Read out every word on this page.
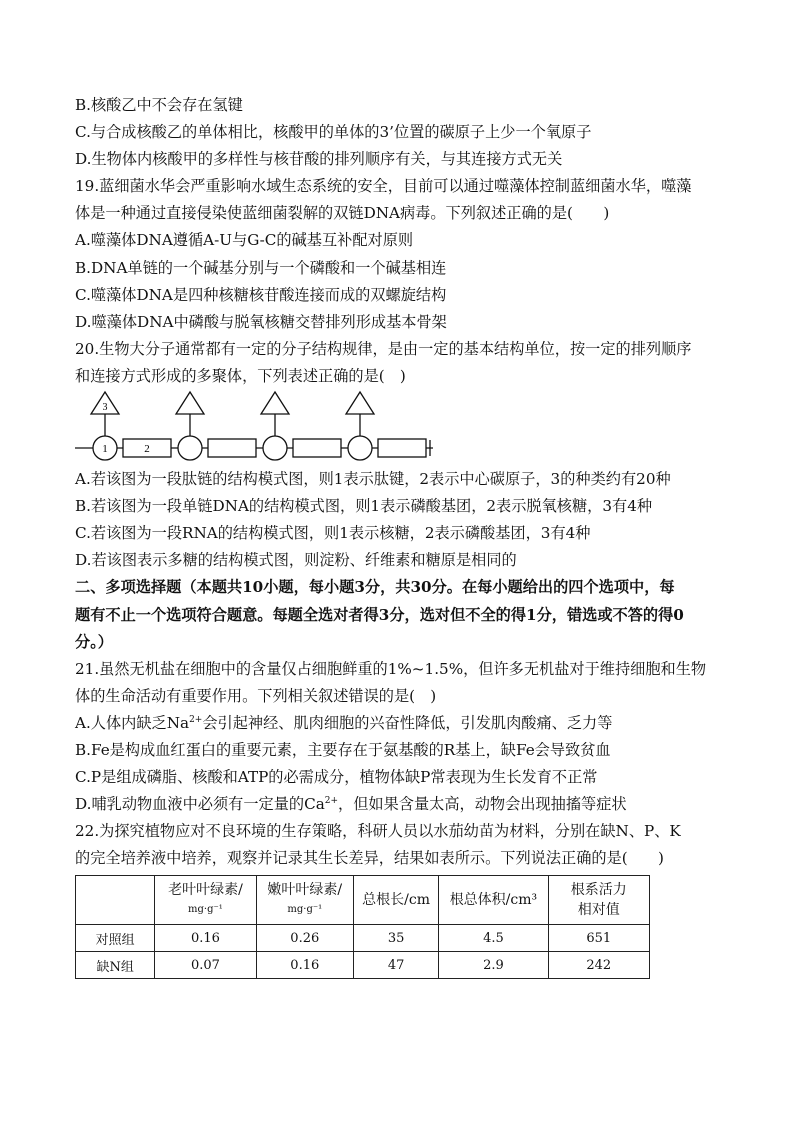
B.核酸乙中不会存在氢键
C.与合成核酸乙的单体相比，核酸甲的单体的3’位置的碳原子上少一个氧原子
D.生物体内核酸甲的多样性与核苷酸的排列顺序有关，与其连接方式无关
19.蓝细菌水华会严重影响水域生态系统的安全，目前可以通过噬藻体控制蓝细菌水华，噬藻
体是一种通过直接侵染使蓝细菌裂解的双链DNA病毒。下列叙述正确的是(　　)
A.噬藻体DNA遵循A-U与G-C的碱基互补配对原则
B.DNA单链的一个碱基分别与一个磷酸和一个碱基相连
C.噬藻体DNA是四种核糖核苷酸连接而成的双螺旋结构
D.噬藻体DNA中磷酸与脱氧核糖交替排列形成基本骨架
20.生物大分子通常都有一定的分子结构规律，是由一定的基本结构单位，按一定的排列顺序
和连接方式形成的多聚体，下列表述正确的是(　)
3
1	2
A.若该图为一段肽链的结构模式图，则1表示肽键，2表示中心碳原子，3的种类约有20种
B.若该图为一段单链DNA的结构模式图，则1表示磷酸基团，2表示脱氧核糖，3有4种
C.若该图为一段RNA的结构模式图，则1表示核糖，2表示磷酸基团，3有4种
D.若该图表示多糖的结构模式图，则淀粉、纤维素和糖原是相同的
二、多项选择题（本题共10小题，每小题3分，共30分。在每小题给出的四个选项中，每
题有不止一个选项符合题意。每题全选对者得3分，选对但不全的得1分，错选或不答的得0
分。）
21.虽然无机盐在细胞中的含量仅占细胞鲜重的1%~1.5%，但许多无机盐对于维持细胞和生物
体的生命活动有重要作用。下列相关叙述错误的是(　)
A.人体内缺乏$Na^{2+}$会引起神经、肌肉细胞的兴奋性降低，引发肌肉酸痛、乏力等
B.Fe是构成血红蛋白的重要元素，主要存在于氨基酸的R基上，缺Fe会导致贫血
C.P是组成磷脂、核酸和ATP的必需成分，植物体缺P常表现为生长发育不正常
D.哺乳动物血液中必须有一定量的$Ca^{2+}$，但如果含量太高，动物会出现抽搐等症状
22.为探究植物应对不良环境的生存策略，科研人员以水茄幼苗为材料，分别在缺N、P、K
的完全培养液中培养，观察并记录其生长差异，结果如表所示。下列说法正确的是(　　)
	老叶叶绿素/
mg·g⁻¹	嫩叶叶绿素/
mg·g⁻¹	总根长/cm	根总体积/cm³	根系活力
相对值
对照组	0.16	0.26	35	4.5	651
缺N组	0.07	0.16	47	2.9	242
